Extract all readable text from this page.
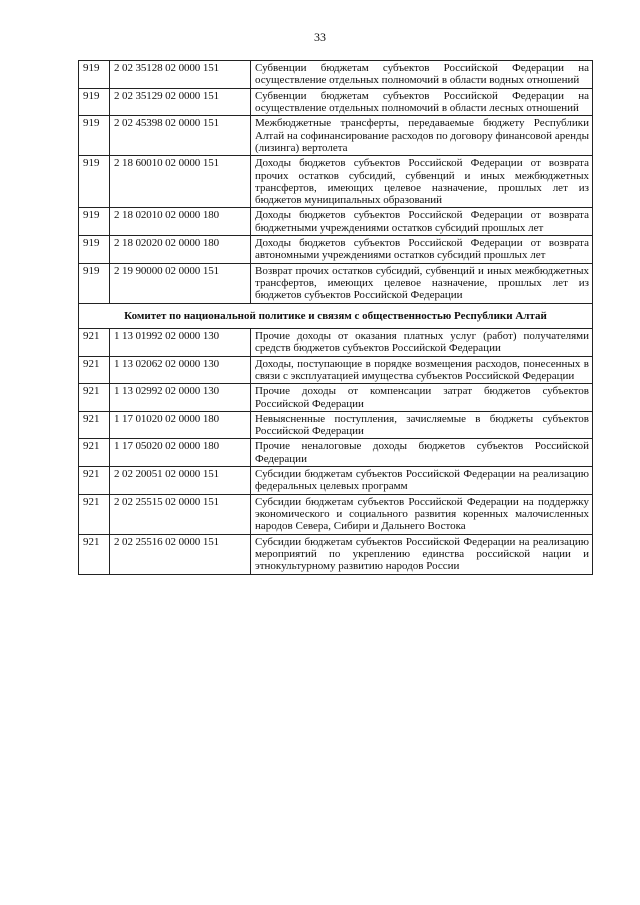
33
919	2 02 35128 02 0000 151	Субвенции бюджетам субъектов Российской Федерации на осуществление отдельных полномочий в области водных отношений
919	2 02 35129 02 0000 151	Субвенции бюджетам субъектов Российской Федерации на осуществление отдельных полномочий в области лесных отношений
919	2 02 45398 02 0000 151	Межбюджетные трансферты, передаваемые бюджету Республики Алтай на софинансирование расходов по договору финансовой аренды (лизинга) вертолета
919	2 18 60010 02 0000 151	Доходы бюджетов субъектов Российской Федерации от возврата прочих остатков субсидий, субвенций и иных межбюджетных трансфертов, имеющих целевое назначение, прошлых лет из бюджетов муниципальных образований
919	2 18 02010 02 0000 180	Доходы бюджетов субъектов Российской Федерации от возврата бюджетными учреждениями остатков субсидий прошлых лет
919	2 18 02020 02 0000 180	Доходы бюджетов субъектов Российской Федерации от возврата автономными учреждениями остатков субсидий прошлых лет
919	2 19 90000 02 0000 151	Возврат прочих остатков субсидий, субвенций и иных межбюджетных трансфертов, имеющих целевое назначение, прошлых лет из бюджетов субъектов Российской Федерации
Комитет по национальной политике и связям с общественностью Республики Алтай		
921	1 13 01992 02 0000 130	Прочие доходы от оказания платных услуг (работ) получателями средств бюджетов субъектов Российской Федерации
921	1 13 02062 02 0000 130	Доходы, поступающие в порядке возмещения расходов, понесенных в связи с эксплуатацией имущества субъектов Российской Федерации
921	1 13 02992 02 0000 130	Прочие доходы от компенсации затрат бюджетов субъектов Российской Федерации
921	1 17 01020 02 0000 180	Невыясненные поступления, зачисляемые в бюджеты субъектов Российской Федерации
921	1 17 05020 02 0000 180	Прочие неналоговые доходы бюджетов субъектов Российской Федерации
921	2 02 20051 02 0000 151	Субсидии бюджетам субъектов Российской Федерации на реализацию федеральных целевых программ
921	2 02 25515 02 0000 151	Субсидии бюджетам субъектов Российской Федерации на поддержку экономического и социального развития коренных малочисленных народов Севера, Сибири и Дальнего Востока
921	2 02 25516 02 0000 151	Субсидии бюджетам субъектов Российской Федерации на реализацию мероприятий по укреплению единства российской нации и этнокультурному развитию народов России
